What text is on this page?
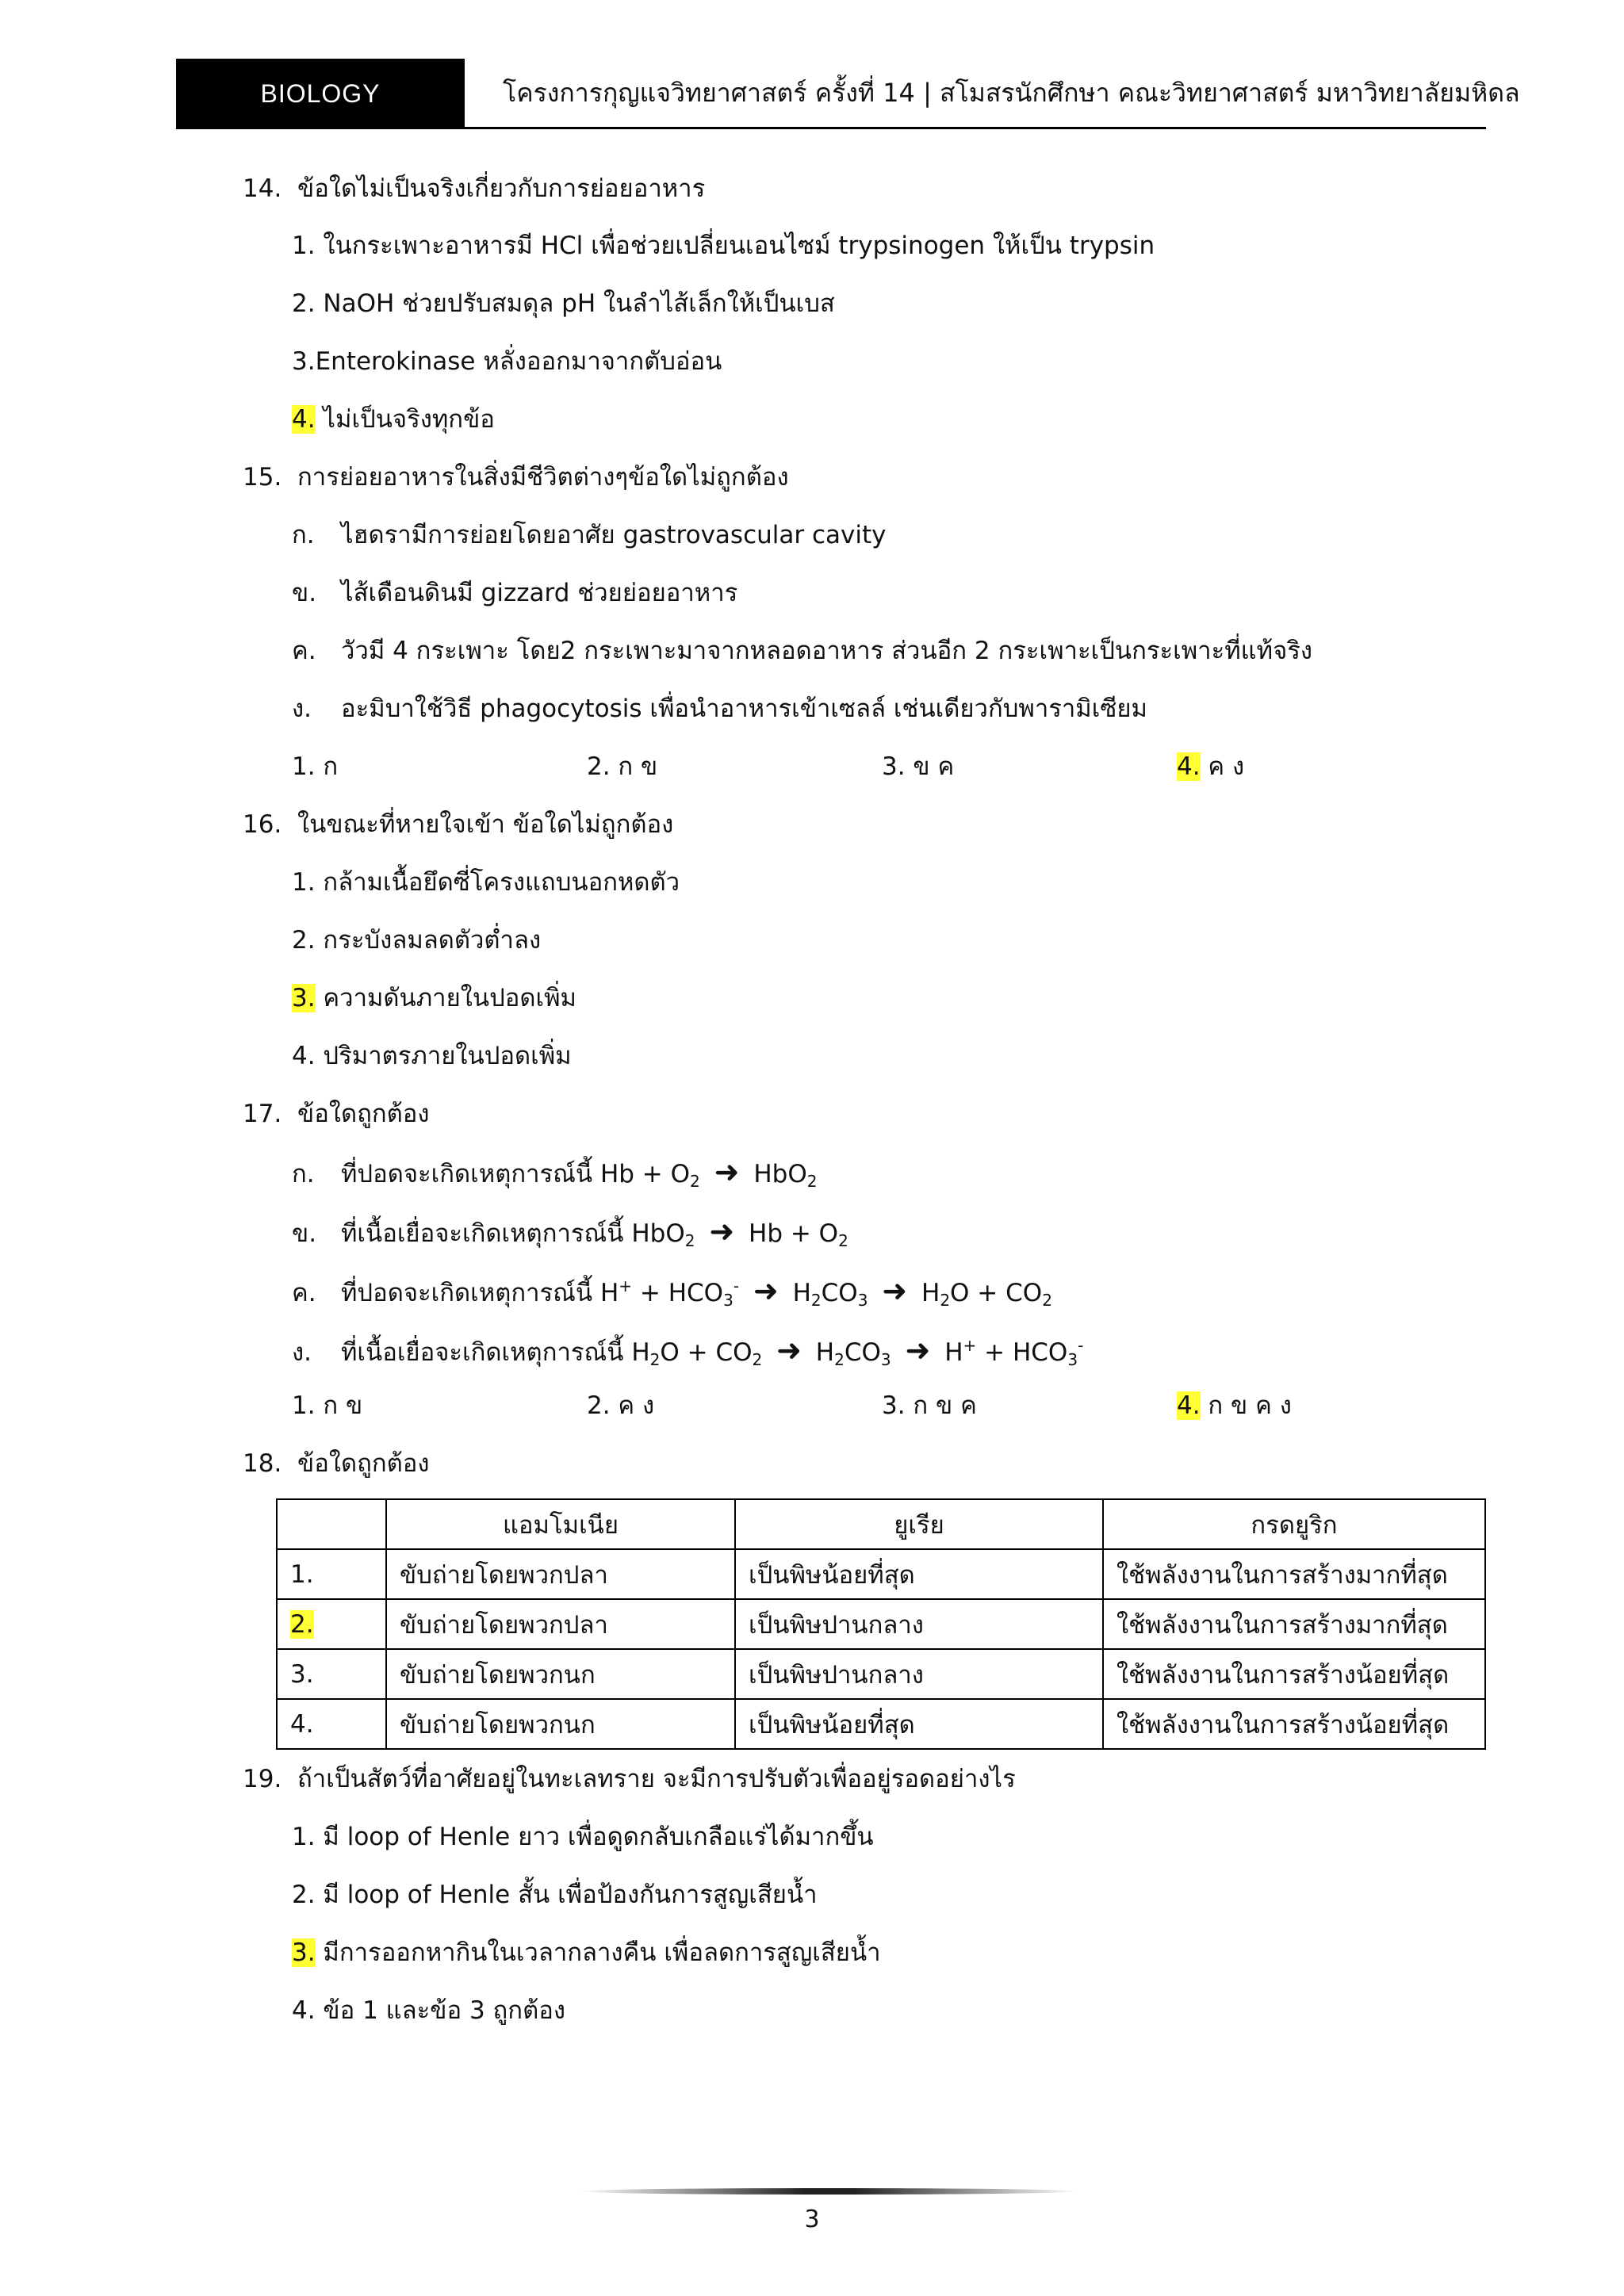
BIOLOGY	โครงการกุญแจวิทยาศาสตร์ ครั้งที่ 14 | สโมสรนักศึกษา คณะวิทยาศาสตร์ มหาวิทยาลัยมหิดล
14. ข้อใดไม่เป็นจริงเกี่ยวกับการย่อยอาหาร
1. ในกระเพาะอาหารมี HCl เพื่อช่วยเปลี่ยนเอนไซม์ trypsinogen ให้เป็น trypsin
2. NaOH ช่วยปรับสมดุล pH ในลำไส้เล็กให้เป็นเบส
3.Enterokinase หลั่งออกมาจากตับอ่อน
4. ไม่เป็นจริงทุกข้อ
15. การย่อยอาหารในสิ่งมีชีวิตต่างๆข้อใดไม่ถูกต้อง
ก. ไฮดรามีการย่อยโดยอาศัย gastrovascular cavity
ข. ไส้เดือนดินมี gizzard ช่วยย่อยอาหาร
ค. วัวมี 4 กระเพาะ โดย2 กระเพาะมาจากหลอดอาหาร ส่วนอีก 2 กระเพาะเป็นกระเพาะที่แท้จริง
ง. อะมิบาใช้วิธี phagocytosis เพื่อนำอาหารเข้าเซลล์ เช่นเดียวกับพารามิเซียม
1. ก	2. ก ข	3. ข ค	4. ค ง
16. ในขณะที่หายใจเข้า ข้อใดไม่ถูกต้อง
1. กล้ามเนื้อยึดซี่โครงแถบนอกหดตัว
2. กระบังลมลดตัวต่ำลง
3. ความดันภายในปอดเพิ่ม
4. ปริมาตรภายในปอดเพิ่ม
17. ข้อใดถูกต้อง
ก. ที่ปอดจะเกิดเหตุการณ์นี้ $Hb + O_2$ ➜ HbO$_2$
ข. ที่เนื้อเยื่อจะเกิดเหตุการณ์นี้ HbO$_2$ ➜ $Hb + O_2$
ค. ที่ปอดจะเกิดเหตุการณ์นี้ $H^+ + HCO_3^-$ ➜ $H_2CO_3$ ➜ $H_2O + CO_2$
ง. ที่เนื้อเยื่อจะเกิดเหตุการณ์นี้ $H_2O + CO_2$ ➜ $H_2CO_3$ ➜ $H^+ + HCO_3^-$
1. ก ข	2. ค ง	3. ก ข ค	4. ก ข ค ง
18. ข้อใดถูกต้อง
	แอมโมเนีย	ยูเรีย	กรดยูริก
1.	ขับถ่ายโดยพวกปลา	เป็นพิษน้อยที่สุด	ใช้พลังงานในการสร้างมากที่สุด
2.	ขับถ่ายโดยพวกปลา	เป็นพิษปานกลาง	ใช้พลังงานในการสร้างมากที่สุด
3.	ขับถ่ายโดยพวกนก	เป็นพิษปานกลาง	ใช้พลังงานในการสร้างน้อยที่สุด
4.	ขับถ่ายโดยพวกนก	เป็นพิษน้อยที่สุด	ใช้พลังงานในการสร้างน้อยที่สุด
19. ถ้าเป็นสัตว์ที่อาศัยอยู่ในทะเลทราย จะมีการปรับตัวเพื่ออยู่รอดอย่างไร
1. มี loop of Henle ยาว เพื่อดูดกลับเกลือแร่ได้มากขึ้น
2. มี loop of Henle สั้น เพื่อป้องกันการสูญเสียน้ำ
3. มีการออกหากินในเวลากลางคืน เพื่อลดการสูญเสียน้ำ
4. ข้อ 1 และข้อ 3 ถูกต้อง
3
